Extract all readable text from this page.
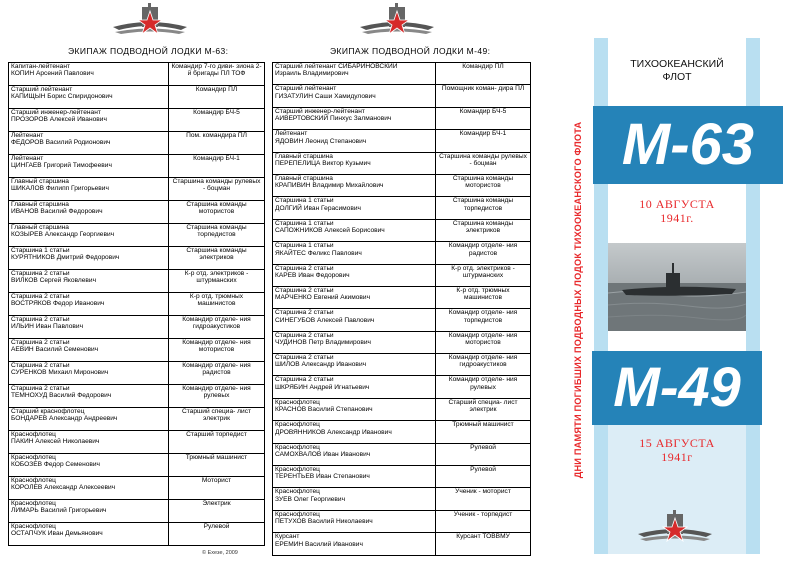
ЭКИПАЖ ПОДВОДНОЙ ЛОДКИ М-63:
Капитан-лейтенант
КОПИН Арсений Павлович	Командир 7-го диви- зиона 2-й бригады ПЛ ТОФ

Старший лейтенант
КАПИЩЫН Борис Спиридонович	Командир ПЛ

Старший инженер-лейтенант
ПРОЗОРОВ Алексей Иванович	Командир БЧ-5

Лейтенант
ФЕДОРОВ Василий Родионович	Пом. командира ПЛ

Лейтенант
ЦИНГАЕВ Григорий Тимофеевич	Командир БЧ-1

Главный старшина
ШИКАЛОВ Филипп Григорьевич	Старшина команды рулевых - боцман

Главный старшина
ИВАНОВ Василий Федорович	Старшина команды мотористов

Главный старшина
КОЗЫРЕВ Александр Георгиевич	Старшина команды торпедистов

Старшина 1 статьи
КУРЯТНИКОВ Дмитрий Федорович	Старшина команды электриков

Старшина 2 статьи
ВИЛКОВ Сергей Яковлевич	К-р отд. электриков - штурманских

Старшина 2 статьи
ВОСТРЯКОВ Федор Иванович	К-р отд. трюмных машинистов

Старшина 2 статьи
ИЛЬИН Иван Павлович	Командир отделе- ния гидроакустиков

Старшина 2 статьи
АЕВИН Василий Семенович	Командир отделе- ния мотористов

Старшина 2 статьи
СУРЕНКОВ Михаил Миронович	Командир отделе- ния радистов

Старшина 2 статьи
ТЕМНОХУД Василий Федорович	Командир отделе- ния рулевых

Старший краснофлотец
БОНДАРЕВ Александр Андреевич	Старший специа- лист электрик

Краснофлотец
ПАКИН Алексей Николаевич	Старший торпедист

Краснофлотец
КОБОЗЕВ Федор Семенович	Трюмный машинист

Краснофлотец
КОРОЛЕВ Александр Алексеевич	Моторист

Краснофлотец
ЛИМАРЬ Василий Григорьевич	Электрик

Краснофлотец
ОСТАПЧУК Иван Демьянович	Рулевой
© Exeзе, 2009
ЭКИПАЖ ПОДВОДНОЙ ЛОДКИ М-49:
Старший лейтенант СИБАРИНОВСКИЙ
Израиль Владимирович	Командир ПЛ

Старший лейтенант
ГИЗАТУЛИН Саши Хамидулович	Помощник коман- дира ПЛ

Старший инженер-лейтенант
АИВЕРТОВСКИЙ Пинхус Залманович	Командир БЧ-5

Лейтенант
ЯДОВИН Леонид Степанович	Командир БЧ-1

Главный старшина
ПЕРЕПЕЛИЦА Виктор Кузьмич	Старшина команды рулевых - боцман

Главный старшина
КРАПИВИН Владимир Михайлович	Старшина команды мотористов

Старшина 1 статьи
ДОЛГИЙ Иван Герасимович	Старшина команды торпедистов

Старшина 1 статьи
САПОЖНИКОВ Алексей Борисович	Старшина команды электриков

Старшина 1 статьи
ЯКАЙТЕС Феликс Павлович	Командир отделе- ния радистов

Старшина 2 статьи
КАРЕВ Иван Федорович	К-р отд. электриков - штурманских

Старшина 2 статьи
МАРЧЕНКО Евгений Акимович	К-р отд. трюмных машинистов

Старшина 2 статьи
СИНЕГУБОВ Алексей Павлович	Командир отделе- ния торпедистов

Старшина 2 статьи
ЧУДИНОВ Петр Владимирович	Командир отделе- ния мотористов

Старшина 2 статьи
ШИЛОВ Александр Иванович	Командир отделе- ния гидроакустиков

Старшина 2 статьи
ШКРЯБИН Андрей Игнатьевич	Командир отделе- ния рулевых

Краснофлотец
КРАСНОВ Василий Степанович	Старший специа- лист электрик

Краснофлотец
ДРОВЯННИКОВ Александр Иванович	Трюмный машинист

Краснофлотец
САМОХВАЛОВ Иван Иванович	Рулевой

Краснофлотец
ТЕРЕНТЬЕВ Иван Степанович	Рулевой

Краснофлотец
ЗУЕВ Олег Георгиевич	Ученик - моторист

Краснофлотец
ПЕТУХОВ Василий Николаевич	Ученик - торпедист

Курсант
ЕРЕМИН Василий Иванович	Курсант ТОВВМУ
ДНИ ПАМЯТИ ПОГИБШИХ ПОДВОДНЫХ ЛОДОК ТИХООКЕАНСКОГО ФЛОТА
ТИХООКЕАНСКИЙ
ФЛОТ
М-63
10 АВГУСТА
1941г.
М-49
15 АВГУСТА
1941г
